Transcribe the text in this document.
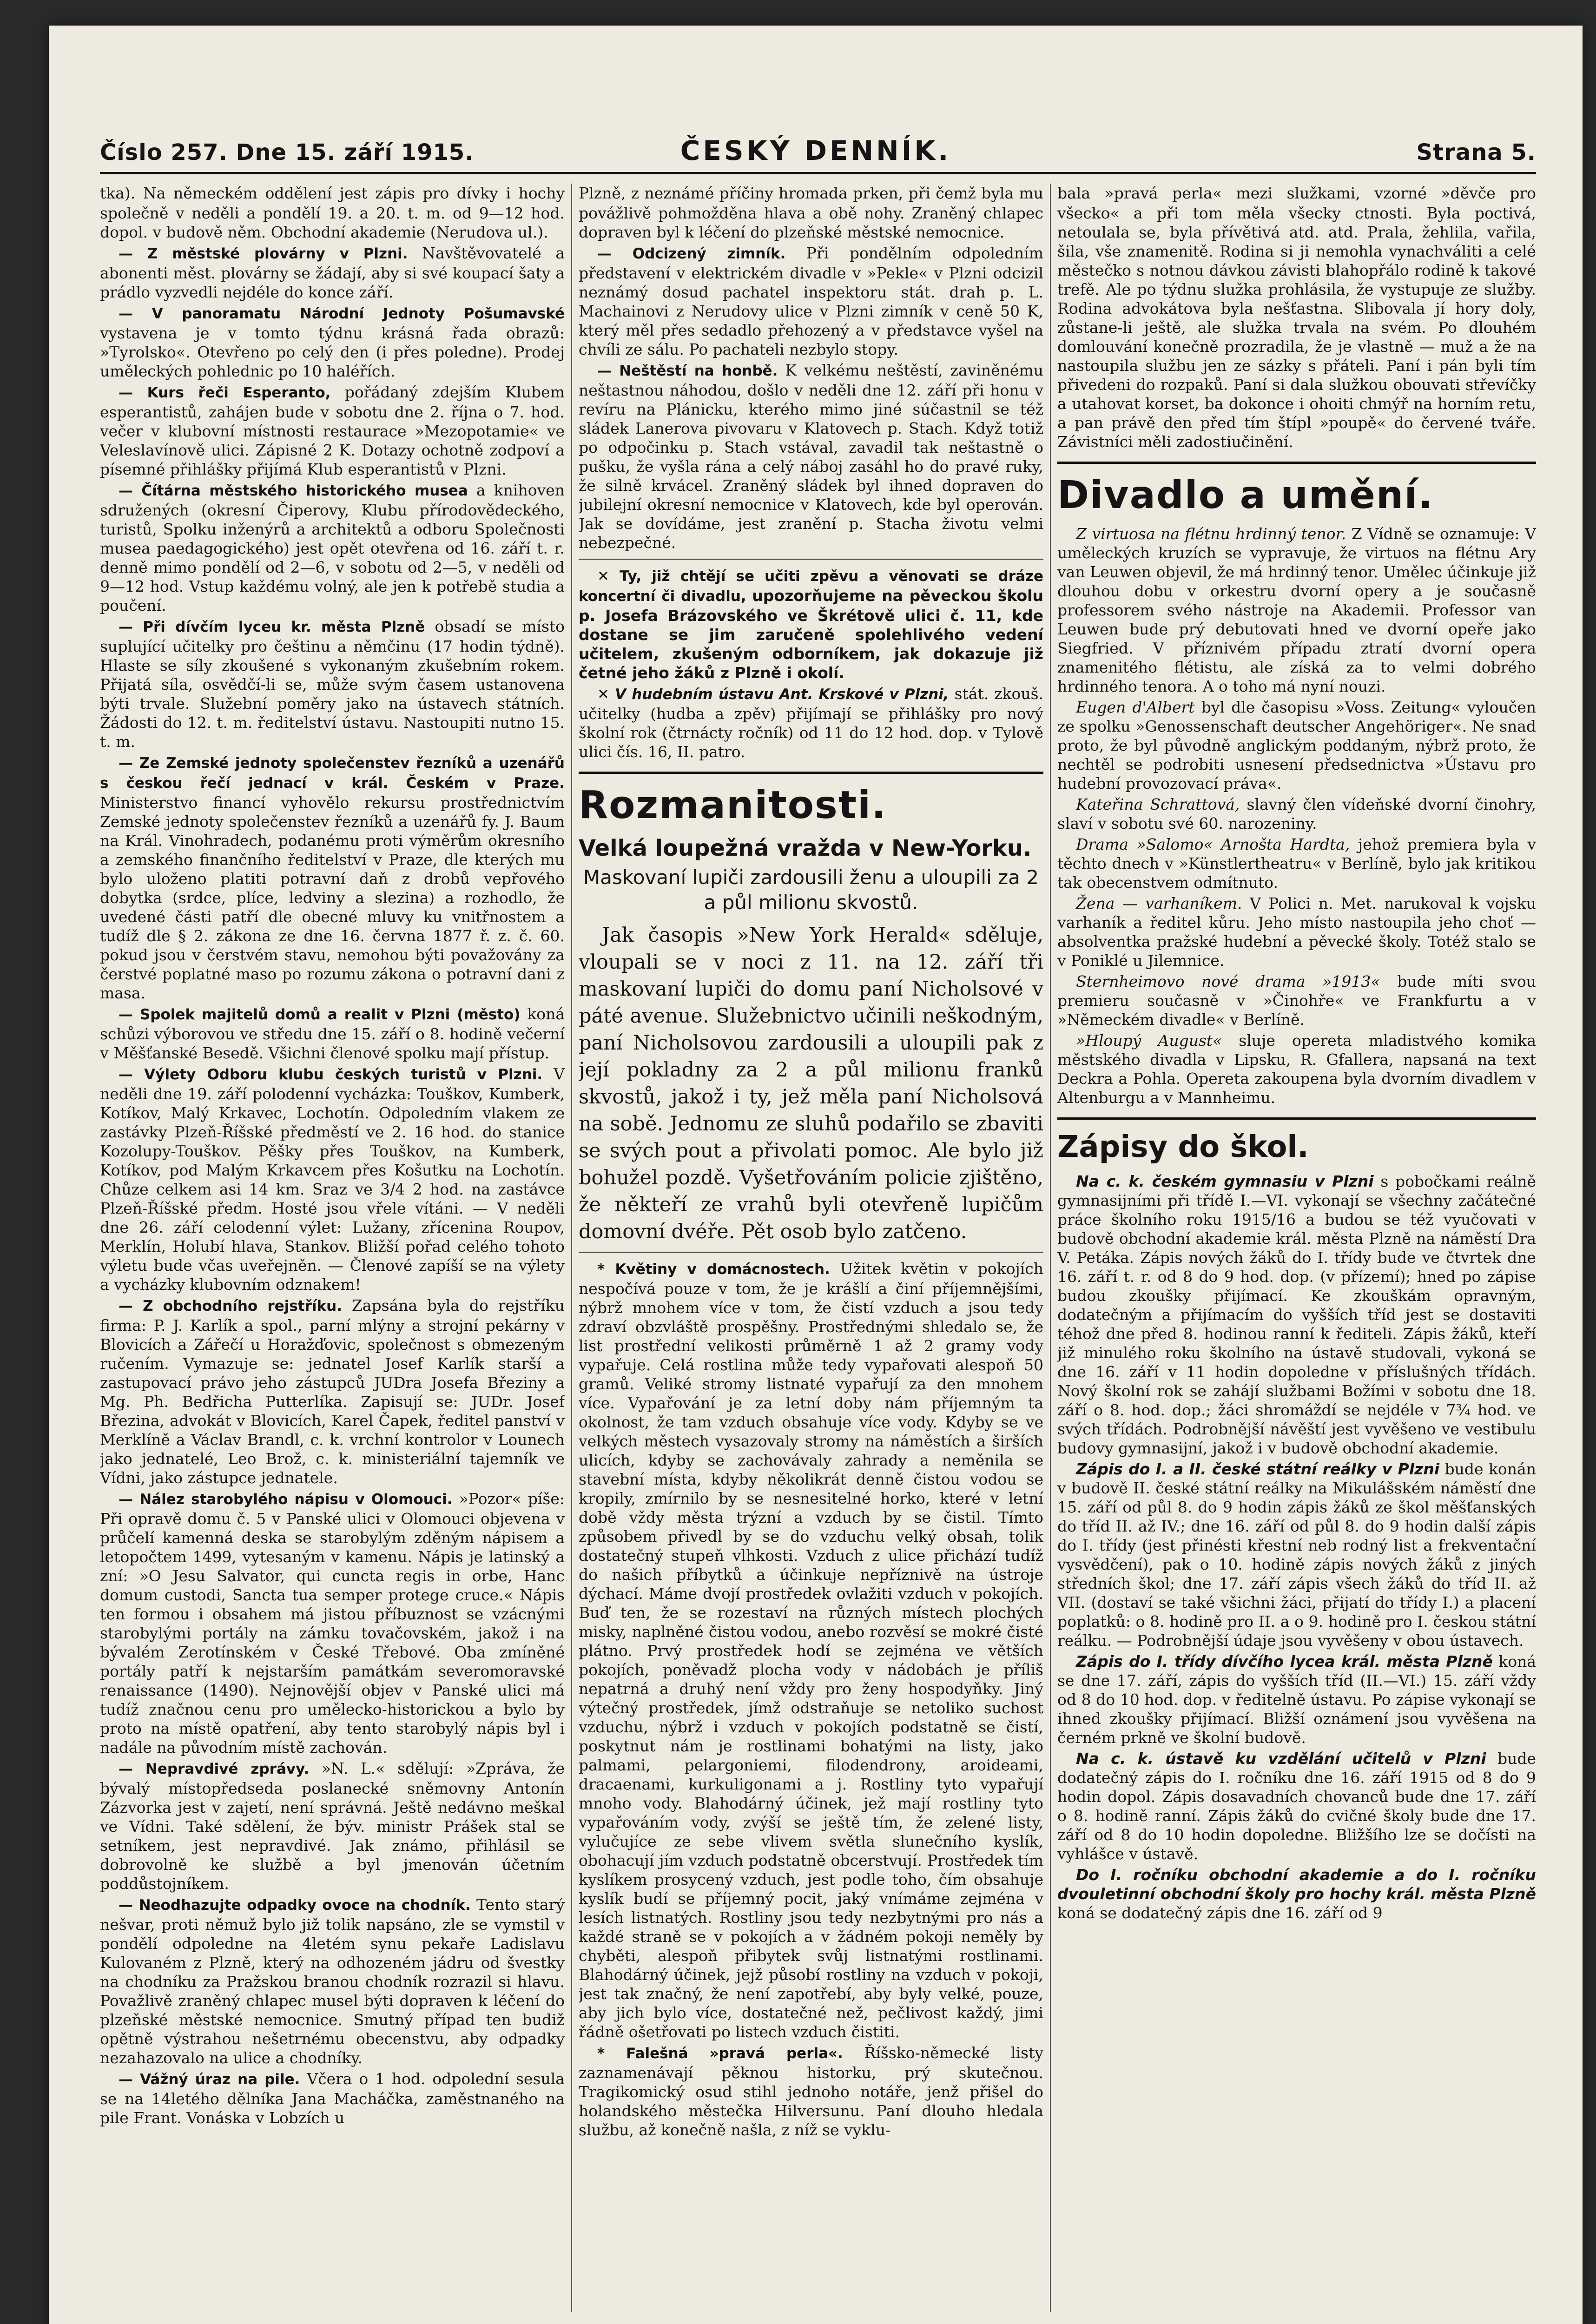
Číslo 257. Dne 15. září 1915.	ČESKÝ DENNÍK.	Strana 5.

tka). Na německém oddělení jest zápis pro dívky i hochy společně v neděli a pondělí 19. a 20. t. m. od 9—12 hod. dopol. v budově něm. Obchodní akademie (Nerudova ul.).

— Z městské plovárny v Plzni. Navštěvovatelé a abonenti měst. plovárny se žádají, aby si své koupací šaty a prádlo vyzvedli nejdéle do konce září.

— V panoramatu Národní Jednoty Pošumavské vystavena je v tomto týdnu krásná řada obrazů: »Tyrolsko«. Otevřeno po celý den (i přes poledne). Prodej uměleckých pohlednic po 10 haléřích.

— Kurs řeči Esperanto, pořádaný zdejším Klubem esperantistů, zahájen bude v sobotu dne 2. října o 7. hod. večer v klubovní místnosti restaurace »Mezopotamie« ve Veleslavínově ulici. Zápisné 2 K. Dotazy ochotně zodpoví a písemné přihlášky přijímá Klub esperantistů v Plzni.

— Čítárna městského historického musea a knihoven sdružených (okresní Čiperovy, Klubu přírodovědeckého, turistů, Spolku inženýrů a architektů a odboru Společnosti musea paedagogického) jest opět otevřena od 16. září t. r. denně mimo pondělí od 2—6, v sobotu od 2—5, v neděli od 9—12 hod. Vstup každému volný, ale jen k potřebě studia a poučení.

— Při dívčím lyceu kr. města Plzně obsadí se místo suplující učitelky pro češtinu a němčinu (17 hodin týdně). Hlaste se síly zkoušené s vykonaným zkušebním rokem. Přijatá síla, osvědčí-li se, může svým časem ustanovena býti trvale. Služební poměry jako na ústavech státních. Žádosti do 12. t. m. ředitelství ústavu. Nastoupiti nutno 15. t. m.

— Ze Zemské jednoty společenstev řezníků a uzenářů s českou řečí jednací v král. Českém v Praze. Ministerstvo financí vyhovělo rekursu prostřednictvím Zemské jednoty společenstev řezníků a uzenářů fy. J. Baum na Král. Vinohradech, podanému proti výměrům okresního a zemského finančního ředitelství v Praze, dle kterých mu bylo uloženo platiti potravní daň z drobů vepřového dobytka (srdce, plíce, ledviny a slezina) a rozhodlo, že uvedené části patří dle obecné mluvy ku vnitřnostem a tudíž dle § 2. zákona ze dne 16. června 1877 ř. z. č. 60. pokud jsou v čerstvém stavu, nemohou býti považovány za čerstvé poplatné maso po rozumu zákona o potravní dani z masa.

— Spolek majitelů domů a realit v Plzni (město) koná schůzi výborovou ve středu dne 15. září o 8. hodině večerní v Měšťanské Besedě. Všichni členové spolku mají přístup.

— Výlety Odboru klubu českých turistů v Plzni. V neděli dne 19. září polodenní vycházka: Touškov, Kumberk, Kotíkov, Malý Krkavec, Lochotín. Odpoledním vlakem ze zastávky Plzeň-Říšské předměstí ve 2. 16 hod. do stanice Kozolupy-Touškov. Pěšky přes Touškov, na Kumberk, Kotíkov, pod Malým Krkavcem přes Košutku na Lochotín. Chůze celkem asi 14 km. Sraz ve 3/4 2 hod. na zastávce Plzeň-Říšské předm. Hosté jsou vřele vítáni. — V neděli dne 26. září celodenní výlet: Lužany, zřícenina Roupov, Merklín, Holubí hlava, Stankov. Bližší pořad celého tohoto výletu bude včas uveřejněn. — Členové zapíší se na výlety a vycházky klubovním odznakem!

— Z obchodního rejstříku. Zapsána byla do rejstříku firma: P. J. Karlík a spol., parní mlýny a strojní pekárny v Blovicích a Zářečí u Horažďovic, společnost s obmezeným ručením. Vymazuje se: jednatel Josef Karlík starší a zastupovací právo jeho zástupců JUDra Josefa Březiny a Mg. Ph. Bedřicha Putterlíka. Zapisují se: JUDr. Josef Březina, advokát v Blovicích, Karel Čapek, ředitel panství v Merklíně a Václav Brandl, c. k. vrchní kontrolor v Lounech jako jednatelé, Leo Brož, c. k. ministeriální tajemník ve Vídni, jako zástupce jednatele.

— Nález starobylého nápisu v Olomouci. »Pozor« píše: Při opravě domu č. 5 v Panské ulici v Olomouci objevena v průčelí kamenná deska se starobylým zděným nápisem a letopočtem 1499, vytesaným v kamenu. Nápis je latinský a zní: »O Jesu Salvator, qui cuncta regis in orbe, Hanc domum custodi, Sancta tua semper protege cruce.« Nápis ten formou i obsahem má jistou příbuznost se vzácnými starobylými portály na zámku tovačovském, jakož i na bývalém Zerotínském v České Třebové. Oba zmíněné portály patří k nejstarším památkám severomoravské renaissance (1490). Nejnovější objev v Panské ulici má tudíž značnou cenu pro umělecko-historickou a bylo by proto na místě opatření, aby tento starobylý nápis byl i nadále na původním místě zachován.

— Nepravdivé zprávy. »N. L.« sdělují: »Zpráva, že bývalý místopředseda poslanecké sněmovny Antonín Zázvorka jest v zajetí, není správná. Ještě nedávno meškal ve Vídni. Také sdělení, že býv. ministr Prášek stal se setníkem, jest nepravdivé. Jak známo, přihlásil se dobrovolně ke službě a byl jmenován účetním poddůstojníkem.

— Neodhazujte odpadky ovoce na chodník. Tento starý nešvar, proti němuž bylo již tolik napsáno, zle se vymstil v pondělí odpoledne na 4letém synu pekaře Ladislavu Kulovaném z Plzně, který na odhozeném jádru od švestky na chodníku za Pražskou branou chodník rozrazil si hlavu. Považlivě zraněný chlapec musel býti dopraven k léčení do plzeňské městské nemocnice. Smutný případ ten budiž opětně výstrahou nešetrnému obecenstvu, aby odpadky nezahazovalo na ulice a chodníky.

— Vážný úraz na pile. Včera o 1 hod. odpolední sesula se na 14letého dělníka Jana Macháčka, zaměstnaného na pile Frant. Vonáska v Lobzích u

Plzně, z neznámé příčiny hromada prken, při čemž byla mu povážlivě pohmožděna hlava a obě nohy. Zraněný chlapec dopraven byl k léčení do plzeňské městské nemocnice.

— Odcizený zimník. Při pondělním odpoledním představení v elektrickém divadle v »Pekle« v Plzni odcizil neznámý dosud pachatel inspektoru stát. drah p. L. Machainovi z Nerudovy ulice v Plzni zimník v ceně 50 K, který měl přes sedadlo přehozený a v představce vyšel na chvíli ze sálu. Po pachateli nezbylo stopy.

— Neštěstí na honbě. K velkému neštěstí, zaviněnému neštastnou náhodou, došlo v neděli dne 12. září při honu v revíru na Plánicku, kterého mimo jiné súčastnil se též sládek Lanerova pivovaru v Klatovech p. Stach. Když totiž po odpočinku p. Stach vstával, zavadil tak neštastně o pušku, že vyšla rána a celý náboj zasáhl ho do pravé ruky, že silně krvácel. Zraněný sládek byl ihned dopraven do jubilejní okresní nemocnice v Klatovech, kde byl operován. Jak se dovídáme, jest zranění p. Stacha životu velmi nebezpečné.

✕ Ty, již chtějí se učiti zpěvu a věnovati se dráze koncertní či divadlu, upozorňujeme na pěveckou školu p. Josefa Brázovského ve Škrétově ulici č. 11, kde dostane se jim zaručeně spolehlivého vedení učitelem, zkušeným odborníkem, jak dokazuje již četné jeho žáků z Plzně i okolí.

✕ V hudebním ústavu Ant. Krskové v Plzni, stát. zkouš. učitelky (hudba a zpěv) přijímají se přihlášky pro nový školní rok (čtrnácty ročník) od 11 do 12 hod. dop. v Tylově ulici čís. 16, II. patro.

Rozmanitosti.
Velká loupežná vražda v New-Yorku.
Maskovaní lupiči zardousili ženu a uloupili za 2 a půl milionu skvostů.

Jak časopis »New York Herald« sděluje, vloupali se v noci z 11. na 12. září tři maskovaní lupiči do domu paní Nicholsové v páté avenue. Služebnictvo učinili neškodným, paní Nicholsovou zardousili a uloupili pak z její pokladny za 2 a půl milionu franků skvostů, jakož i ty, jež měla paní Nicholsová na sobě. Jednomu ze sluhů podařilo se zbaviti se svých pout a přivolati pomoc. Ale bylo již bohužel pozdě. Vyšetřováním policie zjištěno, že někteří ze vrahů byli otevřeně lupičům domovní dvéře. Pět osob bylo zatčeno.

* Květiny v domácnostech. Užitek květin v pokojích nespočívá pouze v tom, že je krášlí a činí příjemnějšími, nýbrž mnohem více v tom, že čistí vzduch a jsou tedy zdraví obzvláště prospěšny. Prostřednými shledalo se, že list prostřední velikosti průměrně 1 až 2 gramy vody vypařuje. Celá rostlina může tedy vypařovati alespoň 50 gramů. Veliké stromy listnaté vypařují za den mnohem více. Vypařování je za letní doby nám příjemným ta okolnost, že tam vzduch obsahuje více vody. Kdyby se ve velkých městech vysazovaly stromy na náměstích a širších ulicích, kdyby se zachovávaly zahrady a neměnila se stavební místa, kdyby několikrát denně čistou vodou se kropily, zmírnilo by se nesnesitelné horko, které v letní době vždy města trýzní a vzduch by se čistil. Tímto způsobem přivedl by se do vzduchu velký obsah, tolik dostatečný stupeň vlhkosti. Vzduch z ulice přichází tudíž do našich příbytků a účinkuje nepříznivě na ústroje dýchací. Máme dvojí prostředek ovlažiti vzduch v pokojích. Buď ten, že se rozestaví na různých místech plochých misky, naplněné čistou vodou, anebo rozvěsí se mokré čisté plátno. Prvý prostředek hodí se zejména ve větších pokojích, poněvadž plocha vody v nádobách je příliš nepatrná a druhý není vždy pro ženy hospodyňky. Jiný výtečný prostředek, jímž odstraňuje se netoliko suchost vzduchu, nýbrž i vzduch v pokojích podstatně se čistí, poskytnut nám je rostlinami bohatými na listy, jako palmami, pelargoniemi, filodendrony, aroideami, dracaenami, kurkuligonami a j. Rostliny tyto vypařují mnoho vody. Blahodárný účinek, jež mají rostliny tyto vypařováním vody, zvýší se ještě tím, že zelené listy, vylučujíce ze sebe vlivem světla slunečního kyslík, obohacují jím vzduch podstatně obcerstvují. Prostředek tím kyslíkem prosycený vzduch, jest podle toho, čím obsahuje kyslík budí se příjemný pocit, jaký vnímáme zejména v lesích listnatých. Rostliny jsou tedy nezbytnými pro nás a každé straně se v pokojích a v žádném pokoji neměly by chyběti, alespoň přibytek svůj listnatými rostlinami. Blahodárný účinek, jejž působí rostliny na vzduch v pokoji, jest tak značný, že není zapotřebí, aby byly velké, pouze, aby jich bylo více, dostatečné než, pečlivost každý, jimi řádně ošetřovati po listech vzduch čistiti.

* Falešná »pravá perla«. Říšsko-německé listy zaznamenávají pěknou historku, prý skutečnou. Tragikomický osud stihl jednoho notáře, jenž přišel do holandského městečka Hilversunu. Paní dlouho hledala službu, až konečně našla, z níž se vyklu-

bala »pravá perla« mezi služkami, vzorné »děvče pro všecko« a při tom měla všecky ctnosti. Byla poctivá, netoulala se, byla přívětivá atd. atd. Prala, žehlila, vařila, šila, vše znamenitě. Rodina si ji nemohla vynachváliti a celé městečko s notnou dávkou závisti blahopřálo rodině k takové trefě. Ale po týdnu služka prohlásila, že vystupuje ze služby. Rodina advokátova byla nešťastna. Slibovala jí hory doly, zůstane-li ještě, ale služka trvala na svém. Po dlouhém domlouvání konečně prozradila, že je vlastně — muž a že na nastoupila službu jen ze sázky s přáteli. Paní i pán byli tím přivedeni do rozpaků. Paní si dala služkou obouvati střevíčky a utahovat korset, ba dokonce i ohoiti chmýř na horním retu, a pan právě den před tím štípl »poupě« do červené tváře. Závistníci měli zadostiučinění.

Divadlo a umění.

Z virtuosa na flétnu hrdinný tenor. Z Vídně se oznamuje: V uměleckých kruzích se vypravuje, že virtuos na flétnu Ary van Leuwen objevil, že má hrdinný tenor. Umělec účinkuje již dlouhou dobu v orkestru dvorní opery a je současně professorem svého nástroje na Akademii. Professor van Leuwen bude prý debutovati hned ve dvorní opeře jako Siegfried. V příznivém případu ztratí dvorní opera znamenitého flétistu, ale získá za to velmi dobrého hrdinného tenora. A o toho má nyní nouzi.

Eugen d'Albert byl dle časopisu »Voss. Zeitung« vyloučen ze spolku »Genossenschaft deutscher Angehöriger«. Ne snad proto, že byl původně anglickým poddaným, nýbrž proto, že nechtěl se podrobiti usnesení předsednictva »Ústavu pro hudební provozovací práva«.

Kateřina Schrattová, slavný člen vídeňské dvorní činohry, slaví v sobotu své 60. narozeniny.

Drama »Salomo« Arnošta Hardta, jehož premiera byla v těchto dnech v »Künstlertheatru« v Berlíně, bylo jak kritikou tak obecenstvem odmítnuto.

Žena — varhaníkem. V Polici n. Met. narukoval k vojsku varhaník a ředitel kůru. Jeho místo nastoupila jeho choť — absolventka pražské hudební a pěvecké školy. Totéž stalo se v Poniklé u Jilemnice.

Sternheimovo nové drama »1913« bude míti svou premieru současně v »Činohře« ve Frankfurtu a v »Německém divadle« v Berlíně.

»Hloupý August« sluje opereta mladistvého komika městského divadla v Lipsku, R. Gfallera, napsaná na text Deckra a Pohla. Opereta zakoupena byla dvorním divadlem v Altenburgu a v Mannheimu.

Zápisy do škol.

Na c. k. českém gymnasiu v Plzni s pobočkami reálně gymnasijními při třídě I.—VI. vykonají se všechny začátečné práce školního roku 1915/16 a budou se též vyučovati v budově obchodní akademie král. města Plzně na náměstí Dra V. Petáka. Zápis nových žáků do I. třídy bude ve čtvrtek dne 16. září t. r. od 8 do 9 hod. dop. (v přízemí); hned po zápise budou zkoušky přijímací. Ke zkouškám opravným, dodatečným a přijímacím do vyšších tříd jest se dostaviti téhož dne před 8. hodinou ranní k řediteli. Zápis žáků, kteří již minulého roku školního na ústavě studovali, vykoná se dne 16. září v 11 hodin dopoledne v příslušných třídách. Nový školní rok se zahájí službami Božími v sobotu dne 18. září o 8. hod. dop.; žáci shromáždí se nejdéle v 7¾ hod. ve svých třídách. Podrobnější návěští jest vyvěšeno ve vestibulu budovy gymnasijní, jakož i v budově obchodní akademie.

Zápis do I. a II. české státní reálky v Plzni bude konán v budově II. české státní reálky na Mikulášském náměstí dne 15. září od půl 8. do 9 hodin zápis žáků ze škol měšťanských do tříd II. až IV.; dne 16. září od půl 8. do 9 hodin další zápis do I. třídy (jest přinésti křestní neb rodný list a frekventační vysvědčení), pak o 10. hodině zápis nových žáků z jiných středních škol; dne 17. září zápis všech žáků do tříd II. až VII. (dostaví se také všichni žáci, přijatí do třídy I.) a placení poplatků: o 8. hodině pro II. a o 9. hodině pro I. českou státní reálku. — Podrobnější údaje jsou vyvěšeny v obou ústavech.

Zápis do I. třídy dívčího lycea král. města Plzně koná se dne 17. září, zápis do vyšších tříd (II.—VI.) 15. září vždy od 8 do 10 hod. dop. v ředitelně ústavu. Po zápise vykonají se ihned zkoušky přijímací. Bližší oznámení jsou vyvěšena na černém prkně ve školní budově.

Na c. k. ústavě ku vzdělání učitelů v Plzni bude dodatečný zápis do I. ročníku dne 16. září 1915 od 8 do 9 hodin dopol. Zápis dosavadních chovanců bude dne 17. září o 8. hodině ranní. Zápis žáků do cvičné školy bude dne 17. září od 8 do 10 hodin dopoledne. Bližšího lze se dočísti na vyhlášce v ústavě.

Do I. ročníku obchodní akademie a do I. ročníku dvouletinní obchodní školy pro hochy král. města Plzně koná se dodatečný zápis dne 16. září od 9
